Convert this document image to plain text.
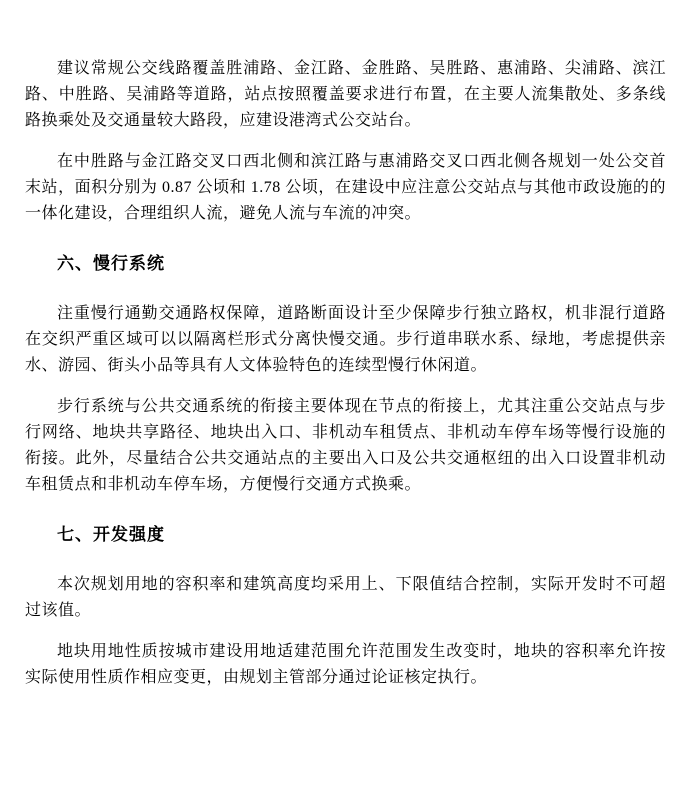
建议常规公交线路覆盖胜浦路、金江路、金胜路、吴胜路、惠浦路、尖浦路、滨江路、中胜路、吴浦路等道路，站点按照覆盖要求进行布置，在主要人流集散处、多条线路换乘处及交通量较大路段，应建设港湾式公交站台。

在中胜路与金江路交叉口西北侧和滨江路与惠浦路交叉口西北侧各规划一处公交首末站，面积分别为 0.87 公顷和 1.78 公顷，在建设中应注意公交站点与其他市政设施的的一体化建设，合理组织人流，避免人流与车流的冲突。

六、慢行系统

注重慢行通勤交通路权保障，道路断面设计至少保障步行独立路权，机非混行道路在交织严重区域可以以隔离栏形式分离快慢交通。步行道串联水系、绿地，考虑提供亲水、游园、街头小品等具有人文体验特色的连续型慢行休闲道。

步行系统与公共交通系统的衔接主要体现在节点的衔接上，尤其注重公交站点与步行网络、地块共享路径、地块出入口、非机动车租赁点、非机动车停车场等慢行设施的衔接。此外，尽量结合公共交通站点的主要出入口及公共交通枢纽的出入口设置非机动车租赁点和非机动车停车场，方便慢行交通方式换乘。

七、开发强度

本次规划用地的容积率和建筑高度均采用上、下限值结合控制，实际开发时不可超过该值。

地块用地性质按城市建设用地适建范围允许范围发生改变时，地块的容积率允许按实际使用性质作相应变更，由规划主管部分通过论证核定执行。
